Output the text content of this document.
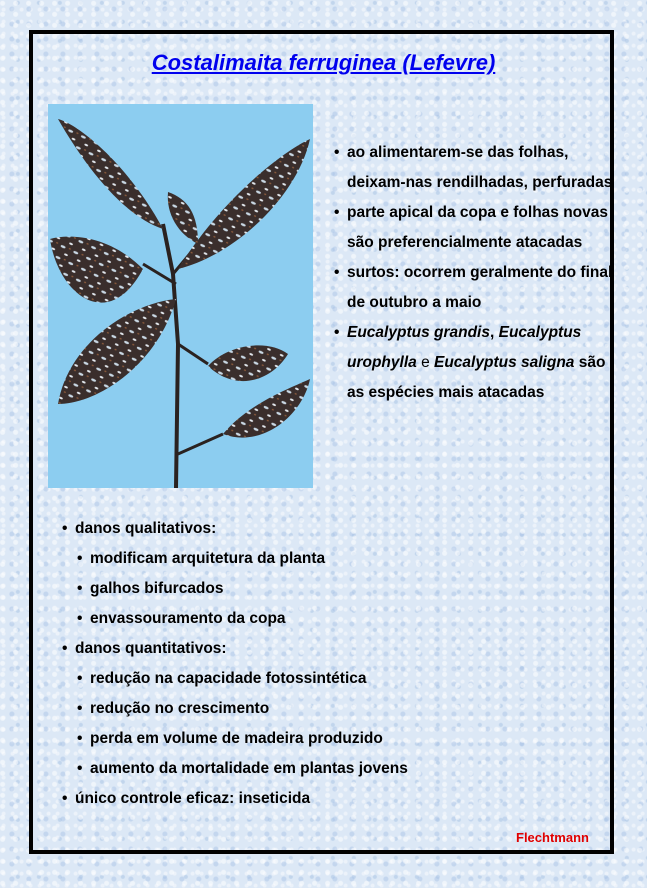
Costalimaita ferruginea (Lefevre)
• ao alimentarem-se das folhas, deixam-nas rendilhadas, perfuradas
• parte apical da copa e folhas novas são preferencialmente atacadas
• surtos: ocorrem geralmente do final de outubro a maio
• Eucalyptus grandis, Eucalyptus urophylla e Eucalyptus saligna são as espécies mais atacadas
• danos qualitativos:
• modificam arquitetura da planta
• galhos bifurcados
• envassouramento da copa
• danos quantitativos:
• redução na capacidade fotossintética
• redução no crescimento
• perda em volume de madeira produzido
• aumento da mortalidade em plantas jovens
• único controle eficaz: inseticida
Flechtmann
